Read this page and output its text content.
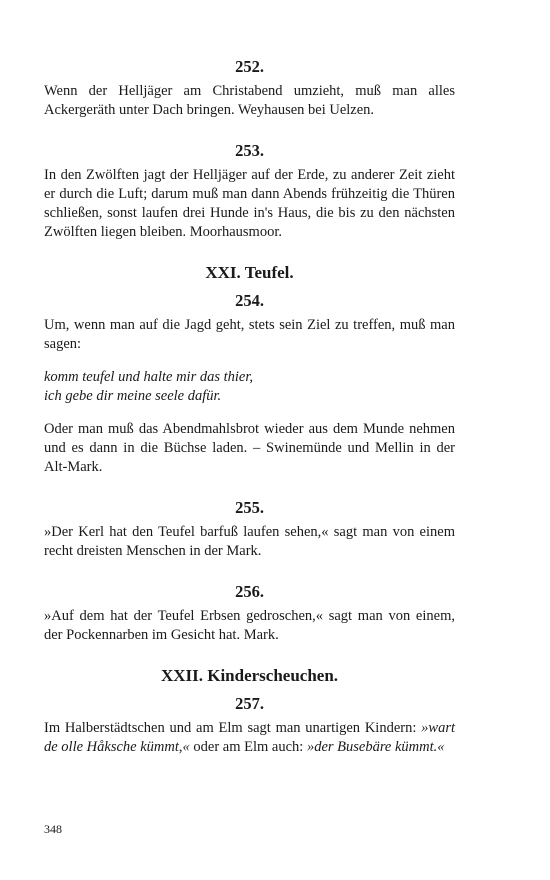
252.

Wenn der Helljäger am Christabend umzieht, muß man alles Ackergeräth unter Dach bringen. Weyhausen bei Uelzen.

253.

In den Zwölften jagt der Helljäger auf der Erde, zu anderer Zeit zieht er durch die Luft; darum muß man dann Abends frühzeitig die Thüren schließen, sonst laufen drei Hunde in's Haus, die bis zu den nächsten Zwölften liegen bleiben. Moorhausmoor.

XXI. Teufel.
254.

Um, wenn man auf die Jagd geht, stets sein Ziel zu treffen, muß man sagen:

komm teufel und halte mir das thier,

ich gebe dir meine seele dafür.

Oder man muß das Abendmahlsbrot wieder aus dem Munde nehmen und es dann in die Büchse laden. – Swinemünde und Mellin in der Alt-Mark.

255.

»Der Kerl hat den Teufel barfuß laufen sehen,« sagt man von einem recht dreisten Menschen in der Mark.

256.

»Auf dem hat der Teufel Erbsen gedroschen,« sagt man von einem, der Pockennarben im Gesicht hat. Mark.

XXII. Kinderscheuchen.
257.

Im Halberstädtschen und am Elm sagt man unartigen Kindern: »wart de olle Håksche kümmt,« oder am Elm auch: »der Busebäre kümmt.«

348
